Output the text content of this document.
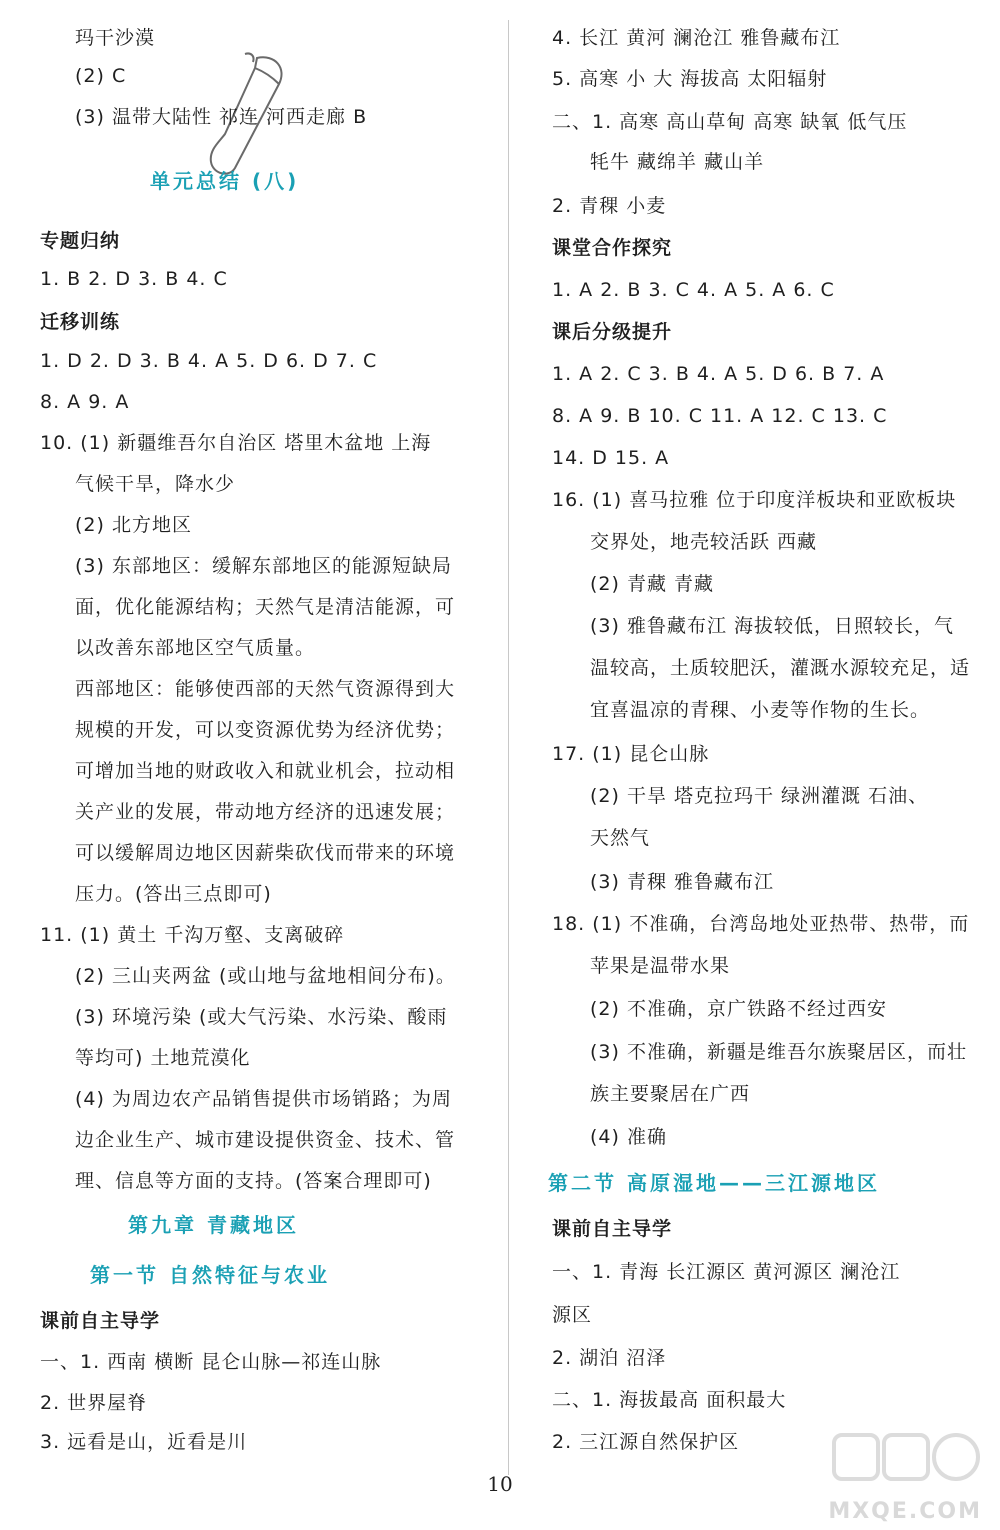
玛干沙漠
(2) C
(3) 温带大陆性 祁连 河西走廊 B
专题归纳
1. B 2. D 3. B 4. C
迁移训练
1. D 2. D 3. B 4. A 5. D 6. D 7. C
8. A 9. A
10. (1) 新疆维吾尔自治区 塔里木盆地 上海
气候干旱，降水少
(2) 北方地区
(3) 东部地区：缓解东部地区的能源短缺局
面，优化能源结构；天然气是清洁能源，可
以改善东部地区空气质量。
西部地区：能够使西部的天然气资源得到大
规模的开发，可以变资源优势为经济优势；
可增加当地的财政收入和就业机会，拉动相
关产业的发展，带动地方经济的迅速发展；
可以缓解周边地区因薪柴砍伐而带来的环境
压力。(答出三点即可)
11. (1) 黄土 千沟万壑、支离破碎
(2) 三山夹两盆 (或山地与盆地相间分布)。
(3) 环境污染 (或大气污染、水污染、酸雨
等均可) 土地荒漠化
(4) 为周边农产品销售提供市场销路；为周
边企业生产、城市建设提供资金、技术、管
理、信息等方面的支持。(答案合理即可)
课前自主导学
一、1. 西南 横断 昆仑山脉—祁连山脉
2. 世界屋脊
3. 远看是山，近看是川
单元总结 (八)
第九章 青藏地区
第一节 自然特征与农业
4. 长江 黄河 澜沧江 雅鲁藏布江
5. 高寒 小 大 海拔高 太阳辐射
二、1. 高寒 高山草甸 高寒 缺氧 低气压
牦牛 藏绵羊 藏山羊
2. 青稞 小麦
课堂合作探究
1. A 2. B 3. C 4. A 5. A 6. C
课后分级提升
1. A 2. C 3. B 4. A 5. D 6. B 7. A
8. A 9. B 10. C 11. A 12. C 13. C
14. D 15. A
16. (1) 喜马拉雅 位于印度洋板块和亚欧板块
交界处，地壳较活跃 西藏
(2) 青藏 青藏
(3) 雅鲁藏布江 海拔较低，日照较长，气
温较高，土质较肥沃，灌溉水源较充足，适
宜喜温凉的青稞、小麦等作物的生长。
17. (1) 昆仑山脉
(2) 干旱 塔克拉玛干 绿洲灌溉 石油、
天然气
(3) 青稞 雅鲁藏布江
18. (1) 不准确，台湾岛地处亚热带、热带，而
苹果是温带水果
(2) 不准确，京广铁路不经过西安
(3) 不准确，新疆是维吾尔族聚居区，而壮
族主要聚居在广西
(4) 准确
课前自主导学
一、1. 青海 长江源区 黄河源区 澜沧江
源区
2. 湖泊 沼泽
二、1. 海拔最高 面积最大
2. 三江源自然保护区
第二节 高原湿地——三江源地区
10
MXQE.COM
